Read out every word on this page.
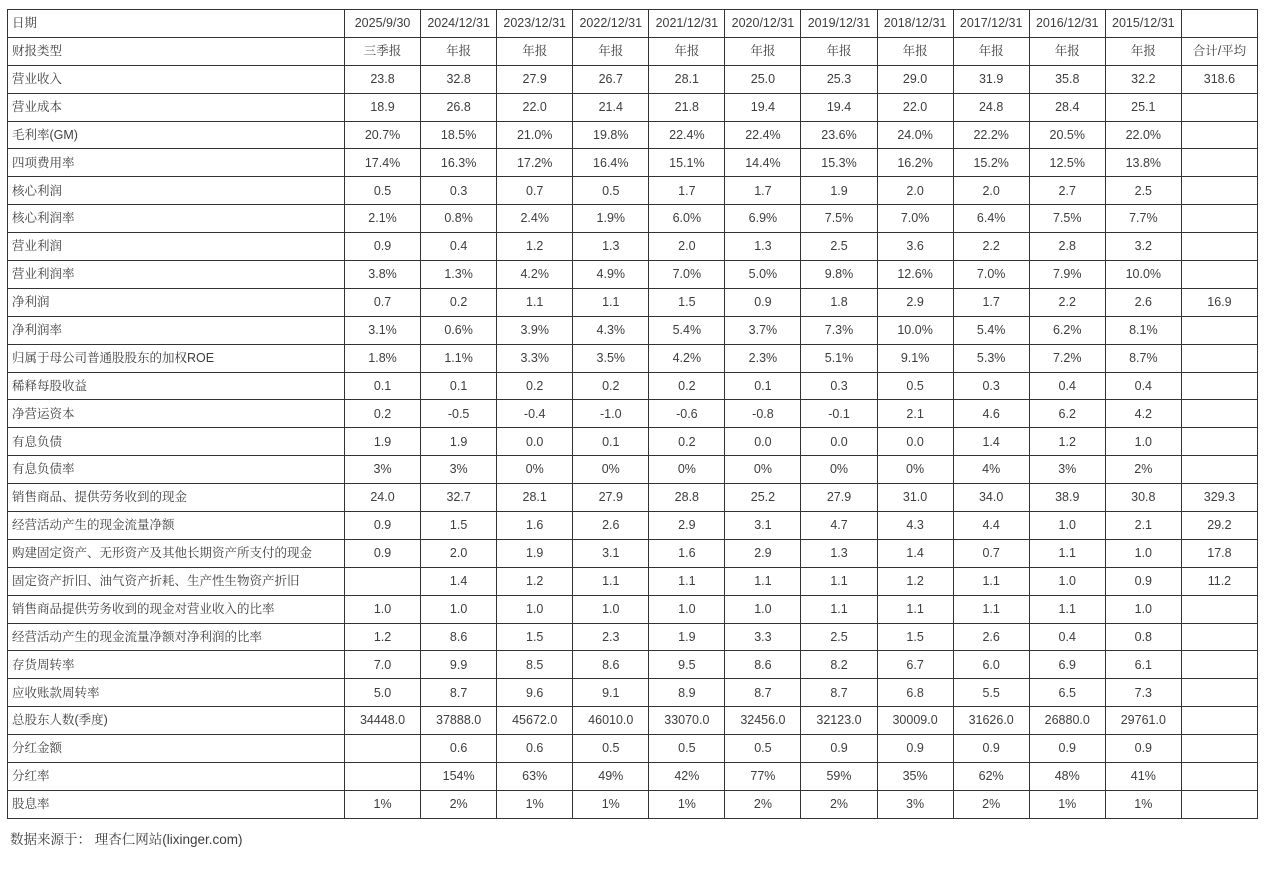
日期	2025/9/30	2024/12/31	2023/12/31	2022/12/31	2021/12/31	2020/12/31	2019/12/31	2018/12/31	2017/12/31	2016/12/31	2015/12/31	
财报类型	三季报	年报	年报	年报	年报	年报	年报	年报	年报	年报	年报	合计/平均
营业收入	23.8	32.8	27.9	26.7	28.1	25.0	25.3	29.0	31.9	35.8	32.2	318.6
营业成本	18.9	26.8	22.0	21.4	21.8	19.4	19.4	22.0	24.8	28.4	25.1	
毛利率(GM)	20.7%	18.5%	21.0%	19.8%	22.4%	22.4%	23.6%	24.0%	22.2%	20.5%	22.0%	
四项费用率	17.4%	16.3%	17.2%	16.4%	15.1%	14.4%	15.3%	16.2%	15.2%	12.5%	13.8%	
核心利润	0.5	0.3	0.7	0.5	1.7	1.7	1.9	2.0	2.0	2.7	2.5	
核心利润率	2.1%	0.8%	2.4%	1.9%	6.0%	6.9%	7.5%	7.0%	6.4%	7.5%	7.7%	
营业利润	0.9	0.4	1.2	1.3	2.0	1.3	2.5	3.6	2.2	2.8	3.2	
营业利润率	3.8%	1.3%	4.2%	4.9%	7.0%	5.0%	9.8%	12.6%	7.0%	7.9%	10.0%	
净利润	0.7	0.2	1.1	1.1	1.5	0.9	1.8	2.9	1.7	2.2	2.6	16.9
净利润率	3.1%	0.6%	3.9%	4.3%	5.4%	3.7%	7.3%	10.0%	5.4%	6.2%	8.1%	
归属于母公司普通股股东的加权ROE	1.8%	1.1%	3.3%	3.5%	4.2%	2.3%	5.1%	9.1%	5.3%	7.2%	8.7%	
稀释每股收益	0.1	0.1	0.2	0.2	0.2	0.1	0.3	0.5	0.3	0.4	0.4	
净营运资本	0.2	-0.5	-0.4	-1.0	-0.6	-0.8	-0.1	2.1	4.6	6.2	4.2	
有息负债	1.9	1.9	0.0	0.1	0.2	0.0	0.0	0.0	1.4	1.2	1.0	
有息负债率	3%	3%	0%	0%	0%	0%	0%	0%	4%	3%	2%	
销售商品、提供劳务收到的现金	24.0	32.7	28.1	27.9	28.8	25.2	27.9	31.0	34.0	38.9	30.8	329.3
经营活动产生的现金流量净额	0.9	1.5	1.6	2.6	2.9	3.1	4.7	4.3	4.4	1.0	2.1	29.2
购建固定资产、无形资产及其他长期资产所支付的现金	0.9	2.0	1.9	3.1	1.6	2.9	1.3	1.4	0.7	1.1	1.0	17.8
固定资产折旧、油气资产折耗、生产性生物资产折旧		1.4	1.2	1.1	1.1	1.1	1.1	1.2	1.1	1.0	0.9	11.2
销售商品提供劳务收到的现金对营业收入的比率	1.0	1.0	1.0	1.0	1.0	1.0	1.1	1.1	1.1	1.1	1.0	
经营活动产生的现金流量净额对净利润的比率	1.2	8.6	1.5	2.3	1.9	3.3	2.5	1.5	2.6	0.4	0.8	
存货周转率	7.0	9.9	8.5	8.6	9.5	8.6	8.2	6.7	6.0	6.9	6.1	
应收账款周转率	5.0	8.7	9.6	9.1	8.9	8.7	8.7	6.8	5.5	6.5	7.3	
总股东人数(季度)	34448.0	37888.0	45672.0	46010.0	33070.0	32456.0	32123.0	30009.0	31626.0	26880.0	29761.0	
分红金额		0.6	0.6	0.5	0.5	0.5	0.9	0.9	0.9	0.9	0.9	
分红率		154%	63%	49%	42%	77%	59%	35%	62%	48%	41%	
股息率	1%	2%	1%	1%	1%	2%	2%	3%	2%	1%	1%	
数据来源于： 理杏仁网站(lixinger.com)
